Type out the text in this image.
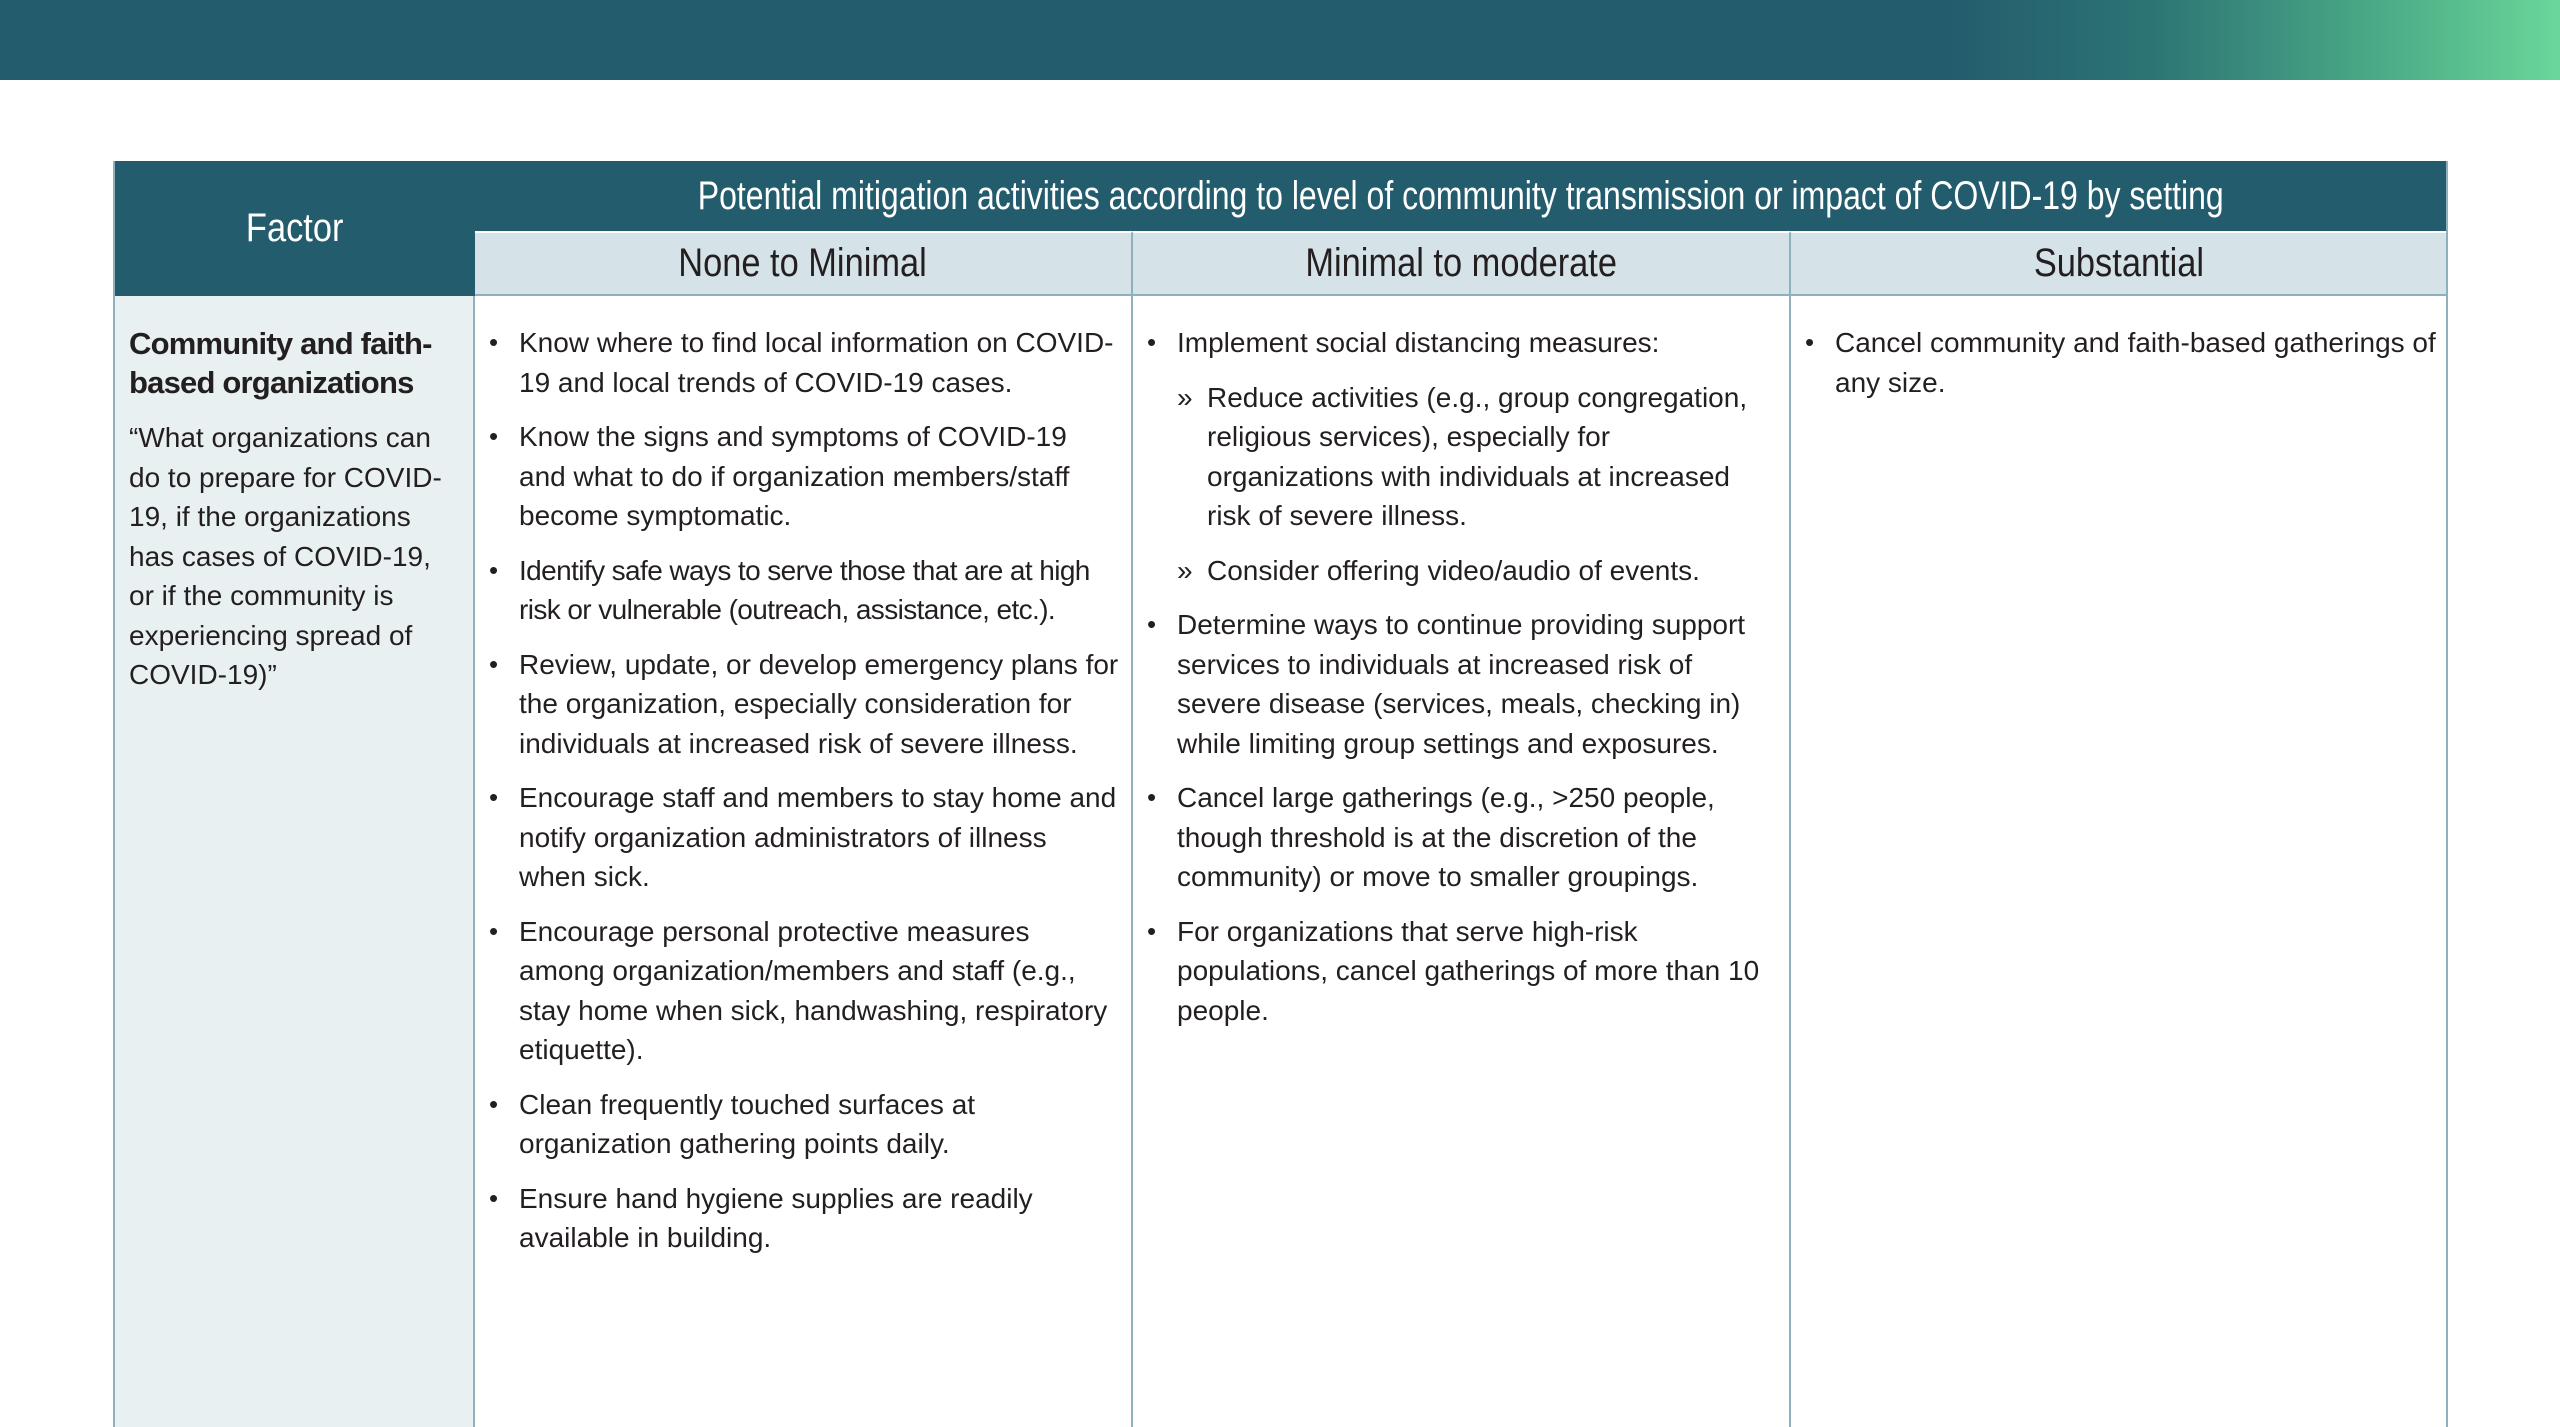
Factor
Potential mitigation activities according to level of community transmission or impact of COVID-19 by setting
None to Minimal	Minimal to moderate	Substantial
Community and faith-based organizations
“What organizations can do to prepare for COVID-19, if the organizations has cases of COVID-19, or if the community is experiencing spread of COVID-19)”
• Know where to find local information on COVID-19 and local trends of COVID-19 cases.
• Know the signs and symptoms of COVID-19 and what to do if organization members/staff become symptomatic.
• Identify safe ways to serve those that are at high risk or vulnerable (outreach, assistance, etc.).
• Review, update, or develop emergency plans for the organization, especially consideration for individuals at increased risk of severe illness.
• Encourage staff and members to stay home and notify organization administrators of illness when sick.
• Encourage personal protective measures among organization/members and staff (e.g., stay home when sick, handwashing, respiratory etiquette).
• Clean frequently touched surfaces at organization gathering points daily.
• Ensure hand hygiene supplies are readily available in building.
• Implement social distancing measures:
» Reduce activities (e.g., group congregation, religious services), especially for organizations with individuals at increased risk of severe illness.
» Consider offering video/audio of events.
• Determine ways to continue providing support services to individuals at increased risk of severe disease (services, meals, checking in) while limiting group settings and exposures.
• Cancel large gatherings (e.g., >250 people, though threshold is at the discretion of the community) or move to smaller groupings.
• For organizations that serve high-risk populations, cancel gatherings of more than 10 people.
• Cancel community and faith-based gatherings of any size.
